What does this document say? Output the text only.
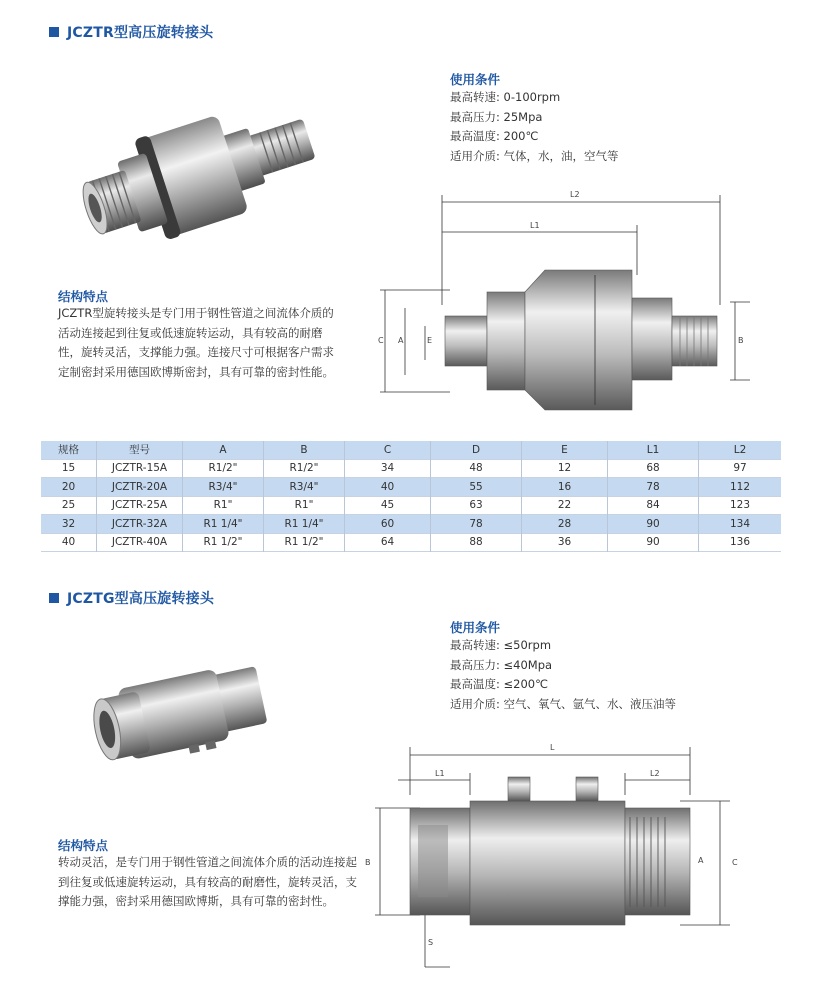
JCZTR型高压旋转接头
使用条件
最高转速: 0-100rpm
最高压力: 25Mpa
最高温度: 200℃
适用介质: 气体，水，油，空气等
结构特点
JCZTR型旋转接头是专门用于钢性管道之间流体介质的
活动连接起到往复或低速旋转运动，具有较高的耐磨
性，旋转灵活，支撑能力强。连接尺寸可根据客户需求
定制密封采用德国欧博斯密封，具有可靠的密封性能。
L2
L1
C A	E	B
规格	型号	A	B	C	D	E	L1	L2
15	JCZTR-15A	R1/2"	R1/2"	34	48	12	68	97
20	JCZTR-20A	R3/4"	R3/4"	40	55	16	78	112
25	JCZTR-25A	R1"	R1"	45	63	22	84	123
32	JCZTR-32A	R1 1/4"	R1 1/4"	60	78	28	90	134
40	JCZTR-40A	R1 1/2"	R1 1/2"	64	88	36	90	136
JCZTG型高压旋转接头
使用条件
最高转速: ≤50rpm
最高压力: ≤40Mpa
最高温度: ≤200℃
适用介质: 空气、氧气、氩气、水、液压油等
结构特点
转动灵活，是专门用于钢性管道之间流体介质的活动连接起
到往复或低速旋转运动，具有较高的耐磨性，旋转灵活，支
撑能力强，密封采用德国欧博斯，具有可靠的密封性。
L
L1	L2
B	A	C
S
